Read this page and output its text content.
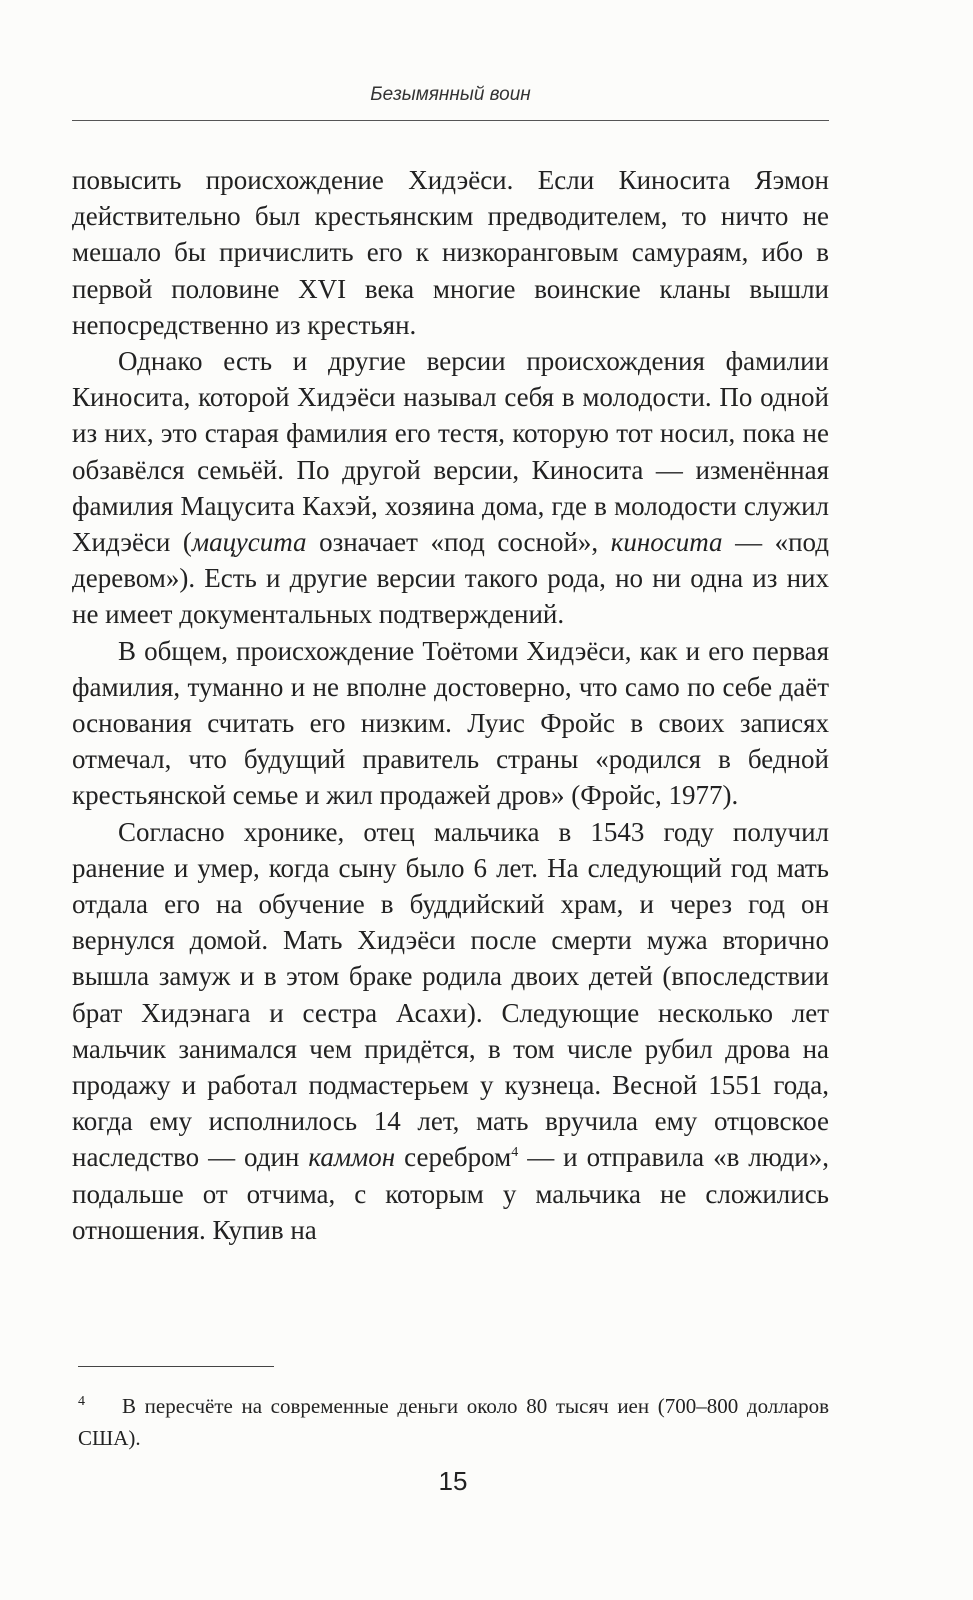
Безымянный воин

повысить происхождение Хидэёси. Если Киносита Яэмон действительно был крестьянским предводителем, то ничто не мешало бы причислить его к низкоранговым самураям, ибо в первой половине XVI века многие воинские кланы вышли непосредственно из крестьян.

Однако есть и другие версии происхождения фамилии Киносита, которой Хидэёси называл себя в молодости. По одной из них, это старая фамилия его тестя, которую тот носил, пока не обзавёлся семьёй. По другой версии, Киносита — изменённая фамилия Мацусита Кахэй, хозяина дома, где в молодости служил Хидэёси (мацусита означает «под сосной», киносита — «под деревом»). Есть и другие версии такого рода, но ни одна из них не имеет документальных подтверждений.

В общем, происхождение Тоётоми Хидэёси, как и его первая фамилия, туманно и не вполне достоверно, что само по себе даёт основания считать его низким. Луис Фройс в своих записях отмечал, что будущий правитель страны «родился в бедной крестьянской семье и жил продажей дров» (Фройс, 1977).

Согласно хронике, отец мальчика в 1543 году получил ранение и умер, когда сыну было 6 лет. На следующий год мать отдала его на обучение в буддийский храм, и через год он вернулся домой. Мать Хидэёси после смерти мужа вторично вышла замуж и в этом браке родила двоих детей (впоследствии брат Хидэнага и сестра Асахи). Следующие несколько лет мальчик занимался чем придётся, в том числе рубил дрова на продажу и работал подмастерьем у кузнеца. Весной 1551 года, когда ему исполнилось 14 лет, мать вручила ему отцовское наследство — один каммон серебром$^4$ — и отправила «в люди», подальше от отчима, с которым у мальчика не сложились отношения. Купив на

4 В пересчёте на современные деньги около 80 тысяч иен (700–800 долларов США).
15
